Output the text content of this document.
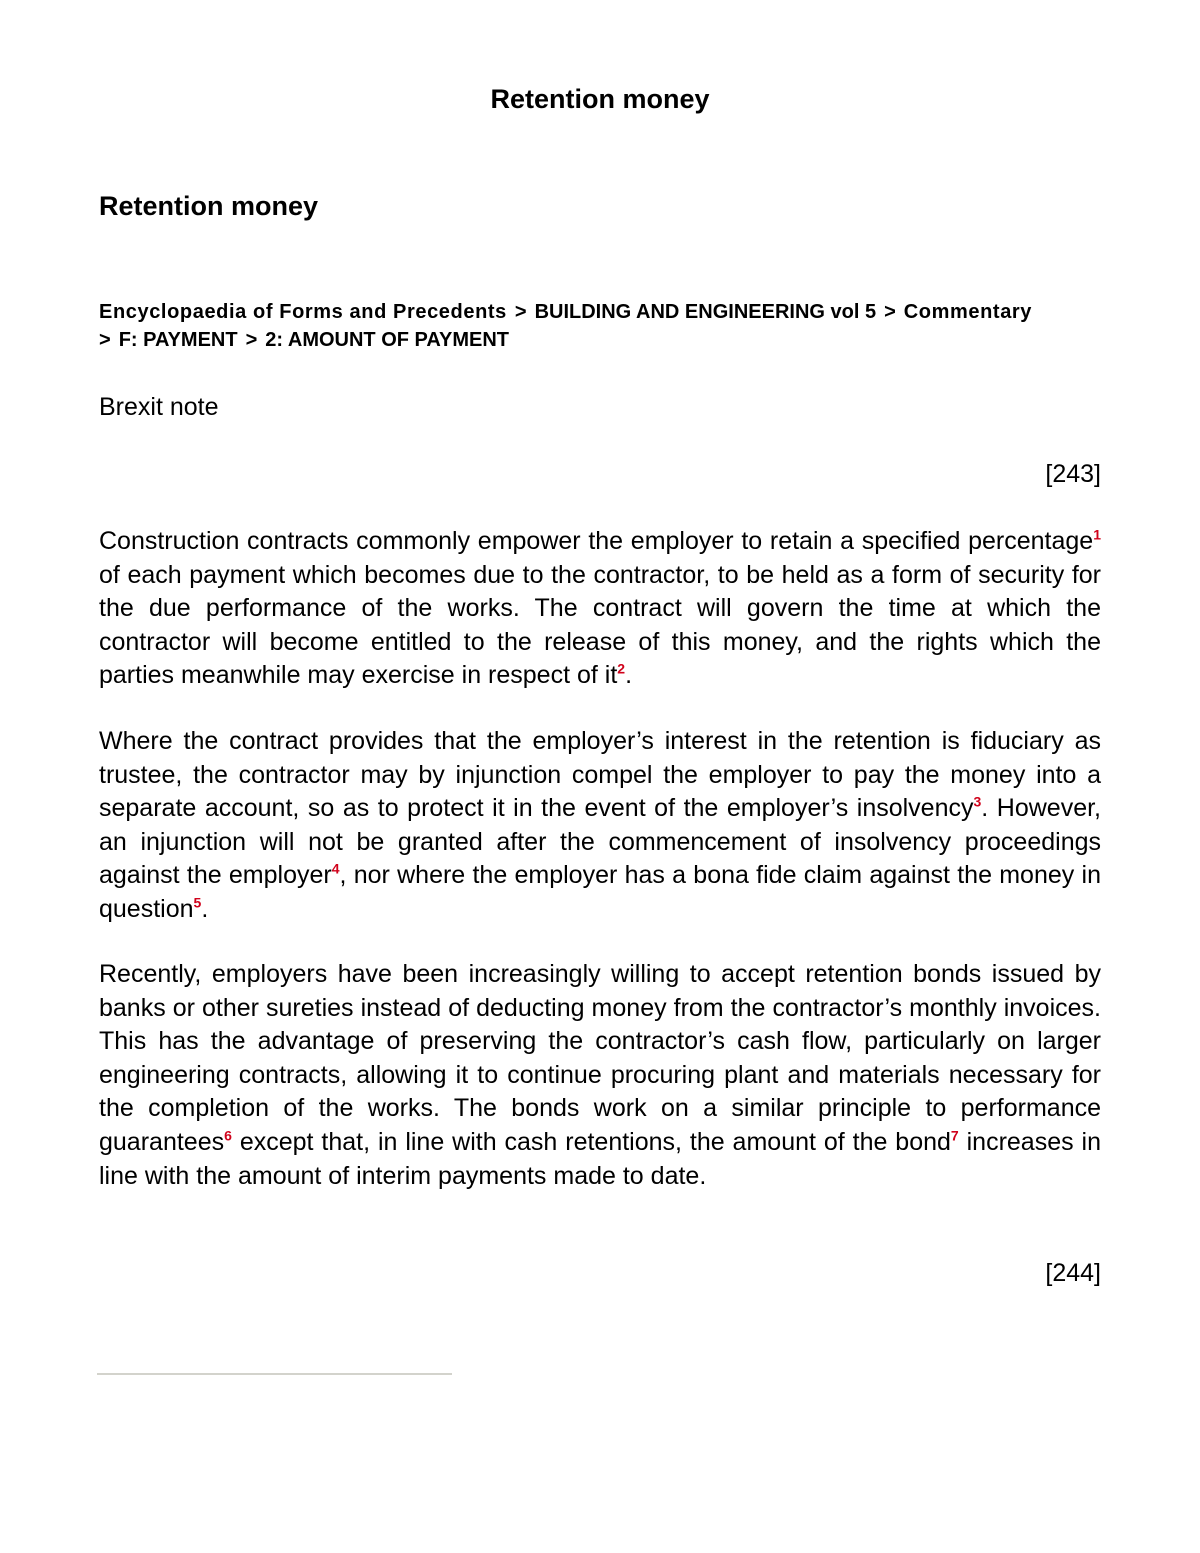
Retention money
Retention money
Encyclopaedia of Forms and Precedents > BUILDING AND ENGINEERING vol 5 > Commentary
> F: PAYMENT > 2: AMOUNT OF PAYMENT

Brexit note

[243]

Construction contracts commonly empower the employer to retain a specified percentage$^1$ of each payment which becomes due to the contractor, to be held as a form of security for the due performance of the works. The contract will govern the time at which the contractor will become entitled to the release of this money, and the rights which the parties meanwhile may exercise in respect of it$^2$.

Where the contract provides that the employer’s interest in the retention is fiduciary as trustee, the contractor may by injunction compel the employer to pay the money into a separate account, so as to protect it in the event of the employer’s insolvency$^3$. However, an injunction will not be granted after the commencement of insolvency proceedings against the employer$^4$, nor where the employer has a bona fide claim against the money in question$^5$.

Recently, employers have been increasingly willing to accept retention bonds issued by banks or other sureties instead of deducting money from the contractor’s monthly invoices. This has the advantage of preserving the contractor’s cash flow, particularly on larger engineering contracts, allowing it to continue procuring plant and materials necessary for the completion of the works. The bonds work on a similar principle to performance guarantees$^6$ except that, in line with cash retentions, the amount of the bond$^7$ increases in line with the amount of interim payments made to date.

[244]
